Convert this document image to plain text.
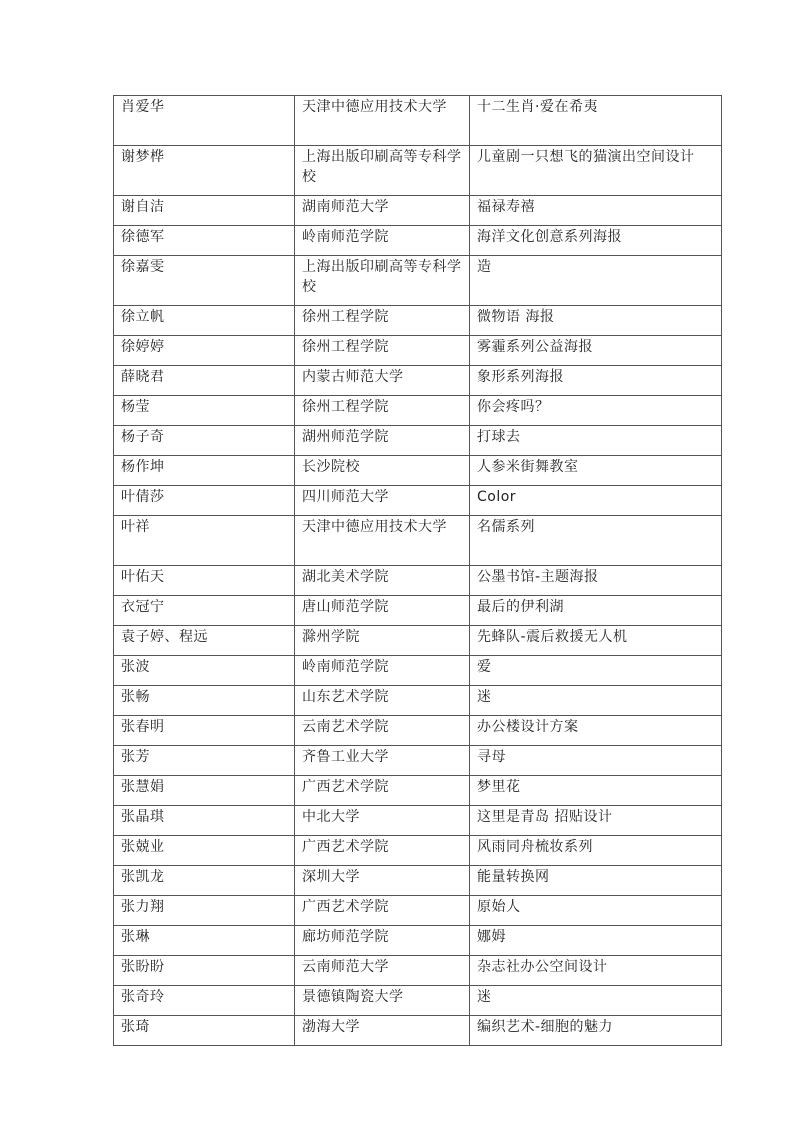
肖爱华	天津中德应用技术大学	十二生肖·爱在希夷
谢梦桦	上海出版印刷高等专科学校	儿童剧一只想飞的猫演出空间设计
谢自洁	湖南师范大学	福禄寿禧
徐德军	岭南师范学院	海洋文化创意系列海报
徐嘉雯	上海出版印刷高等专科学校	造
徐立帆	徐州工程学院	微物语 海报
徐婷婷	徐州工程学院	雾霾系列公益海报
薛晓君	内蒙古师范大学	象形系列海报
杨莹	徐州工程学院	你会疼吗？
杨子奇	湖州师范学院	打球去
杨作坤	长沙院校	人参米街舞教室
叶倩莎	四川师范大学	Color
叶祥	天津中德应用技术大学	名儒系列
叶佑天	湖北美术学院	公墨书馆-主题海报
衣冠宁	唐山师范学院	最后的伊利湖
袁子婷、程远	滁州学院	先蜂队-震后救援无人机
张波	岭南师范学院	爱
张畅	山东艺术学院	迷
张春明	云南艺术学院	办公楼设计方案
张芳	齐鲁工业大学	寻母
张慧娟	广西艺术学院	梦里花
张晶琪	中北大学	这里是青岛 招贴设计
张兢业	广西艺术学院	风雨同舟梳妆系列
张凯龙	深圳大学	能量转换网
张力翔	广西艺术学院	原始人
张琳	廊坊师范学院	娜姆
张盼盼	云南师范大学	杂志社办公空间设计
张奇玲	景德镇陶瓷大学	迷
张琦	渤海大学	编织艺术-细胞的魅力
